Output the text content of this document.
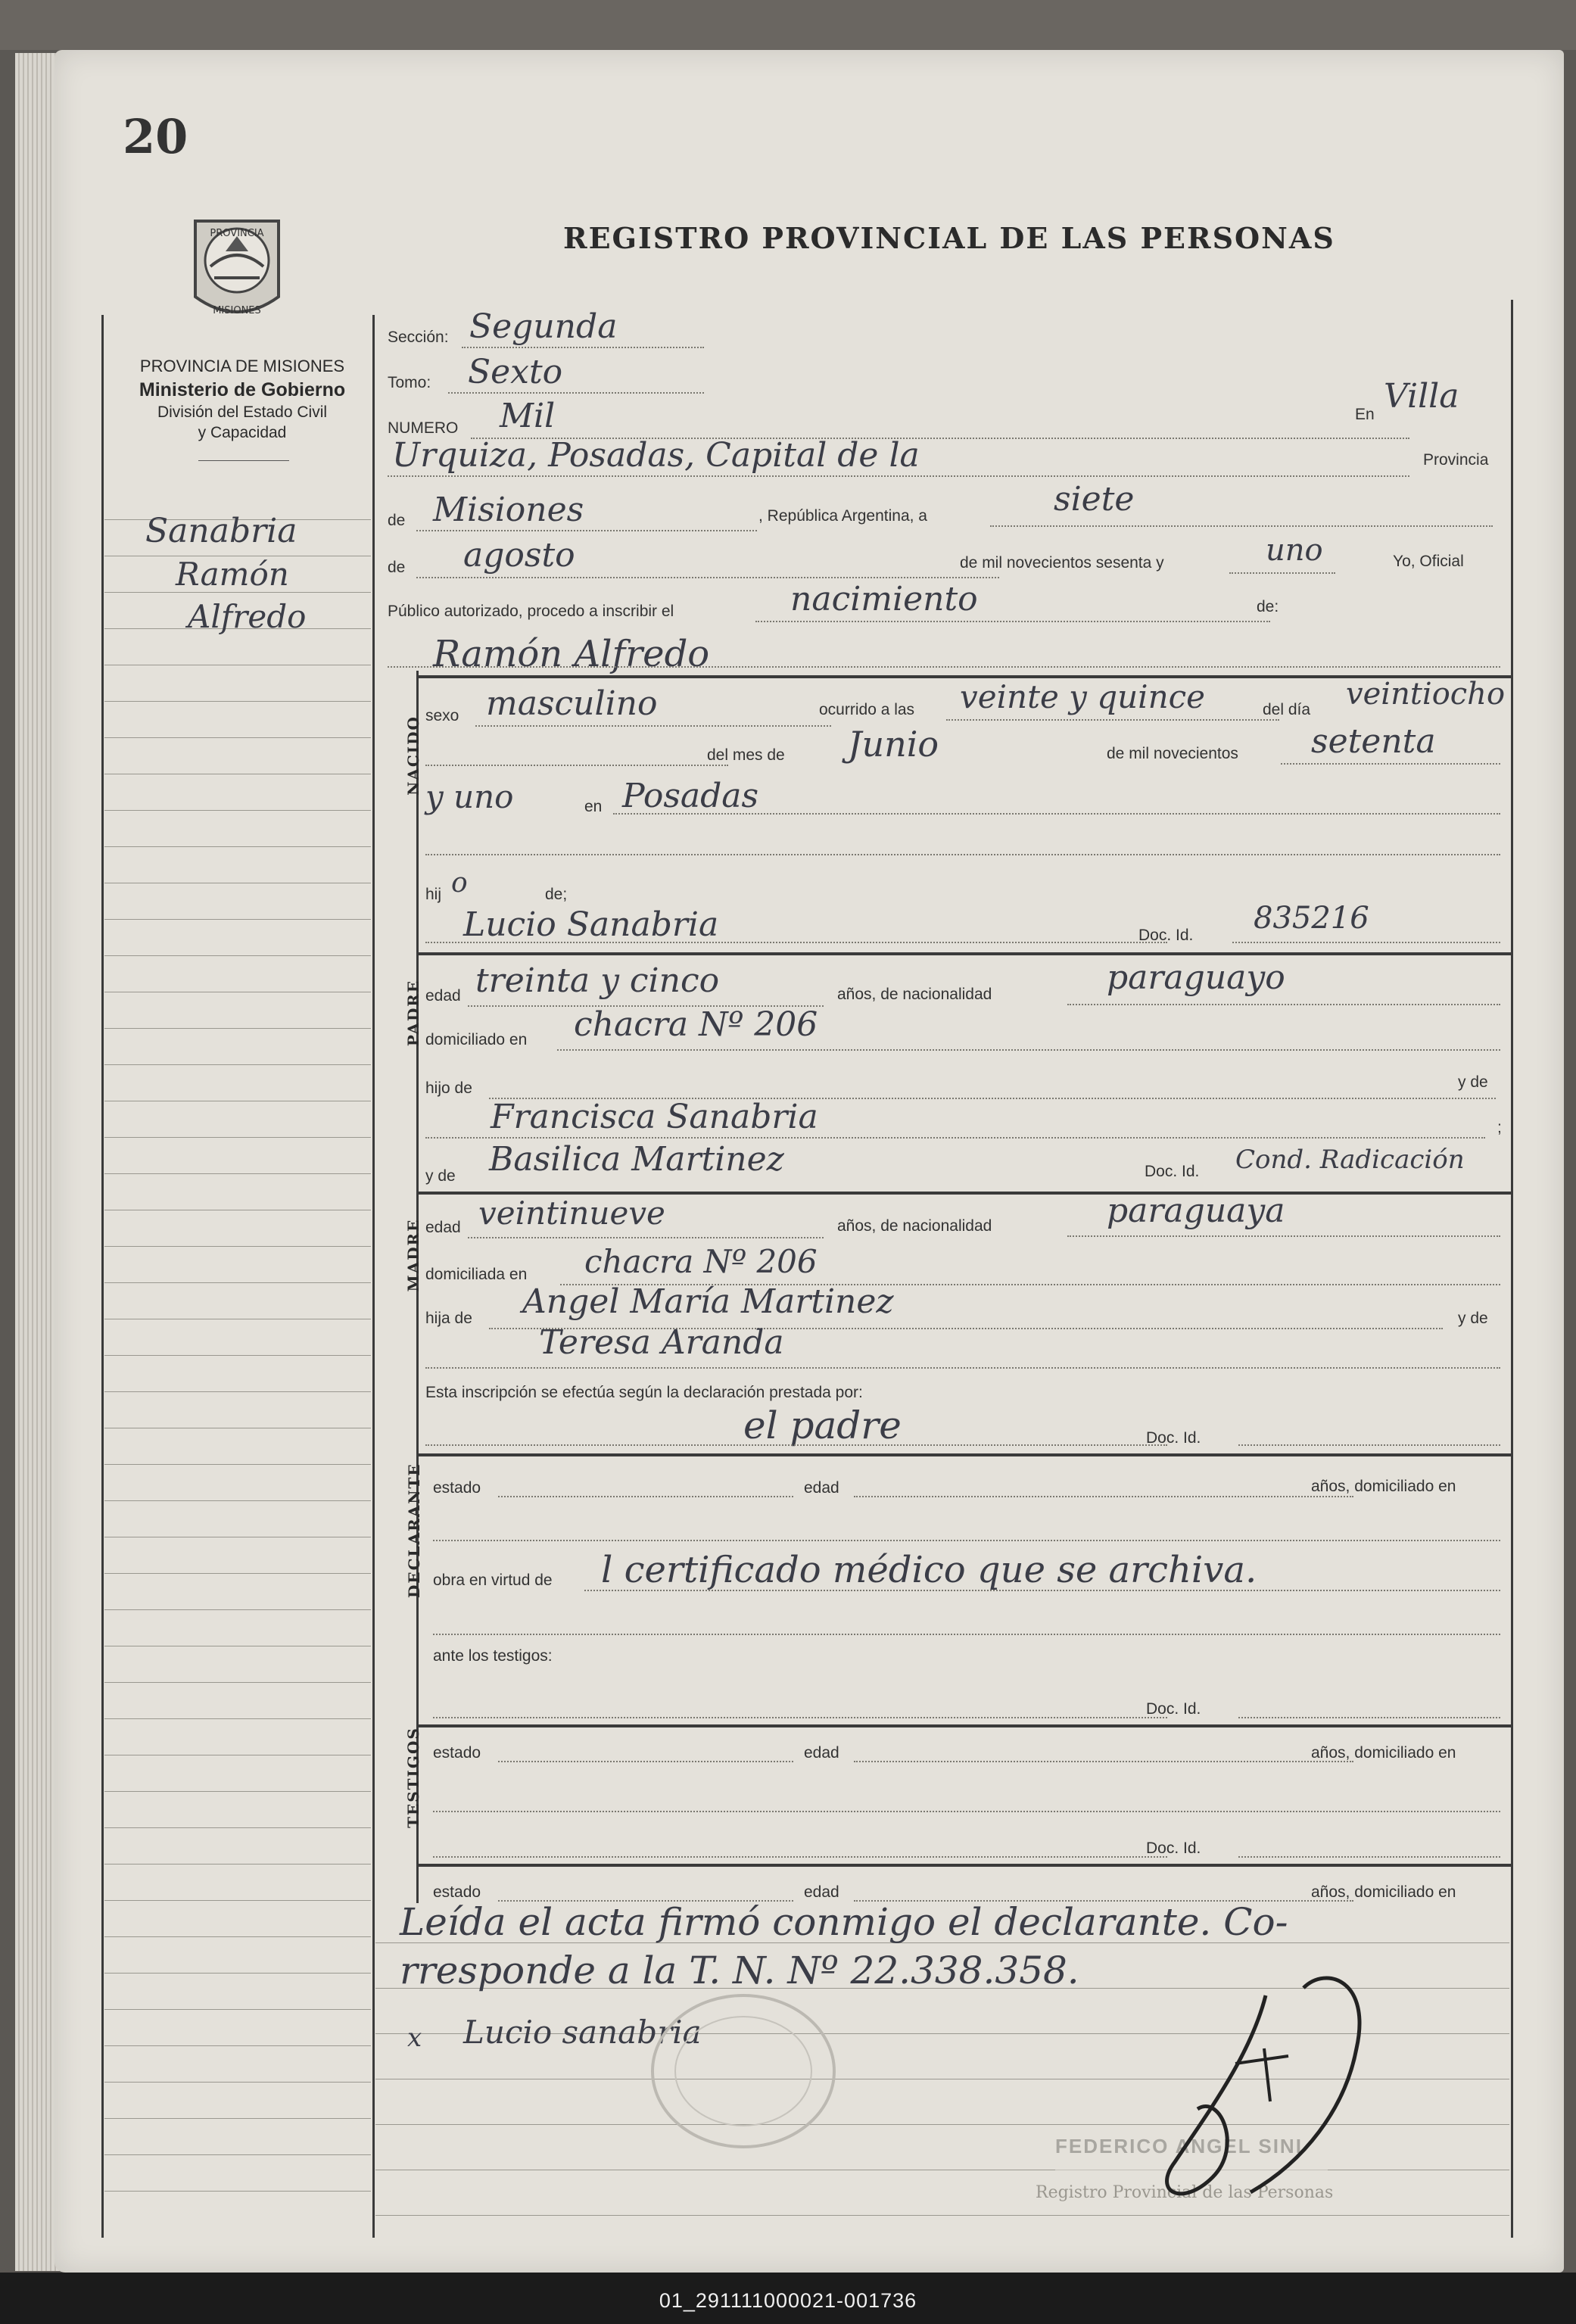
20
REGISTRO PROVINCIAL DE LAS PERSONAS
PROVINCIA
MISIONES
PROVINCIA DE MISIONES
Ministerio de Gobierno
División del Estado Civil
y Capacidad
Sanabria
Ramón
Alfredo
Sección: Segunda
Tomo: Sexto
NUMERO Mil	En Villa
Urquiza, Posadas, Capital de la	Provincia
de Misiones	, República Argentina, a	siete
de agosto	de mil novecientos sesenta y	uno	Yo, Oficial
Público autorizado, procedo a inscribir el	nacimiento	de:
Ramón Alfredo
NACIDO sexo masculino	ocurrido a las veinte y quince	del día veintiocho
del mes de Junio	de mil novecientos setenta
y uno	en Posadas
hij o	de;
Lucio Sanabria	Doc. Id. 835216
PADRE edad treinta y cinco	años, de nacionalidad	paraguayo
domiciliado en chacra Nº 206
hijo de	y de
Francisca Sanabria	;
y de Basilica Martinez	Doc. Id. Cond. Radicación
MADRE edad veintinueve	años, de nacionalidad	paraguaya
domiciliada en chacra Nº 206
hija de Angel María Martinez	y de
Teresa Aranda
Esta inscripción se efectúa según la declaración prestada por:
el padre	Doc. Id.
DECLARANTE estado	edad	años, domiciliado en
obra en virtud de l certificado médico que se archiva.
ante los testigos:
Doc. Id.
TESTIGOS estado	edad	años, domiciliado en
Doc. Id.
estado	edad	años, domiciliado en
Leída el acta firmó conmigo el declarante. Co-
rresponde a la T. N. Nº 22.338.358.
x Lucio sanabria
FEDERICO ANGEL SINI
Registro Provincial de las Personas
01_291111000021-001736
